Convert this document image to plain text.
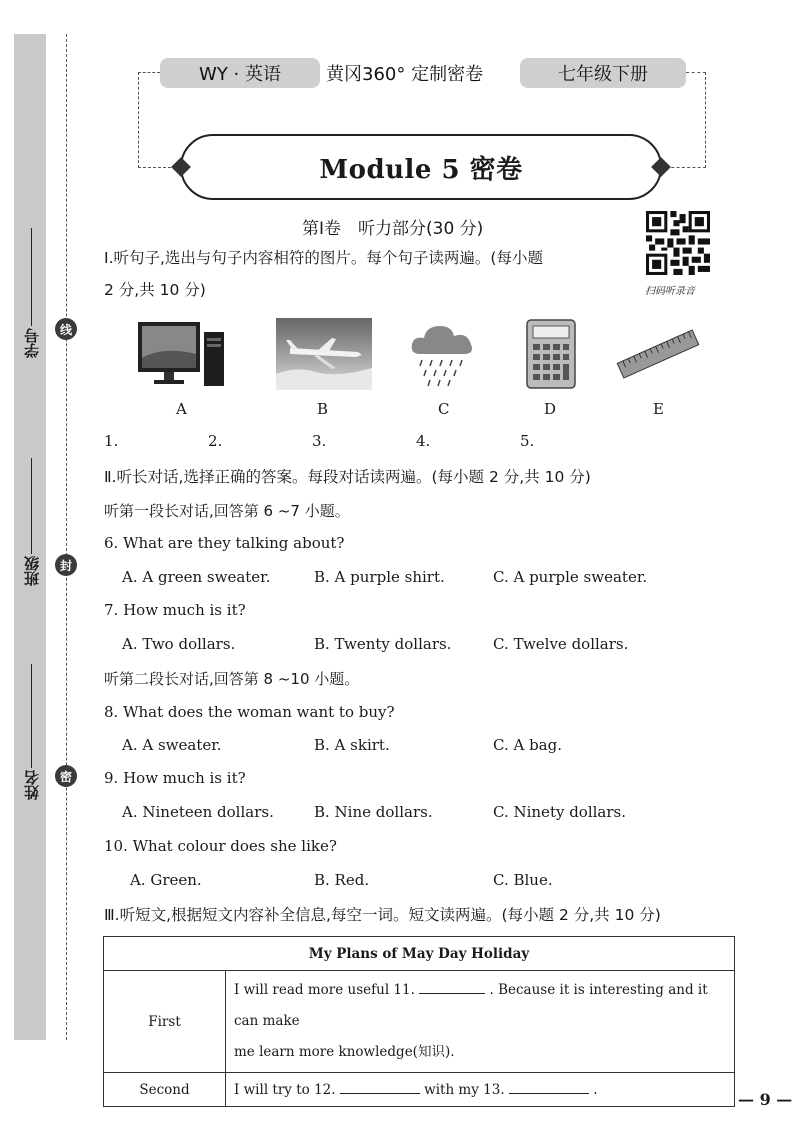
线
封
密
学号
班级
姓名
WY · 英语	黄冈360° 定制密卷	七年级下册
Module 5 密卷
第Ⅰ卷　听力部分(30 分)
扫码听录音
Ⅰ.听句子,选出与句子内容相符的图片。每个句子读两遍。(每小题
2 分,共 10 分)
A	B	C	D	E
1.	2.	3.	4.	5.
Ⅱ.听长对话,选择正确的答案。每段对话读两遍。(每小题 2 分,共 10 分)
听第一段长对话,回答第 6 ~7 小题。
6. What are they talking about?
A. A green sweater.	B. A purple shirt.	C. A purple sweater.
7. How much is it?
A. Two dollars.	B. Twenty dollars.	C. Twelve dollars.
听第二段长对话,回答第 8 ~10 小题。
8. What does the woman want to buy?
A. A sweater.	B. A skirt.	C. A bag.
9. How much is it?
A. Nineteen dollars.	B. Nine dollars.	C. Ninety dollars.
10. What colour does she like?
A. Green.	B. Red.	C. Blue.
Ⅲ.听短文,根据短文内容补全信息,每空一词。短文读两遍。(每小题 2 分,共 10 分)
My Plans of May Day Holiday	
First	I will read more useful 11. . Because it is interesting and it can make
me learn more knowledge(知识).
Second	I will try to 12. with my 13. .
— 9 —
